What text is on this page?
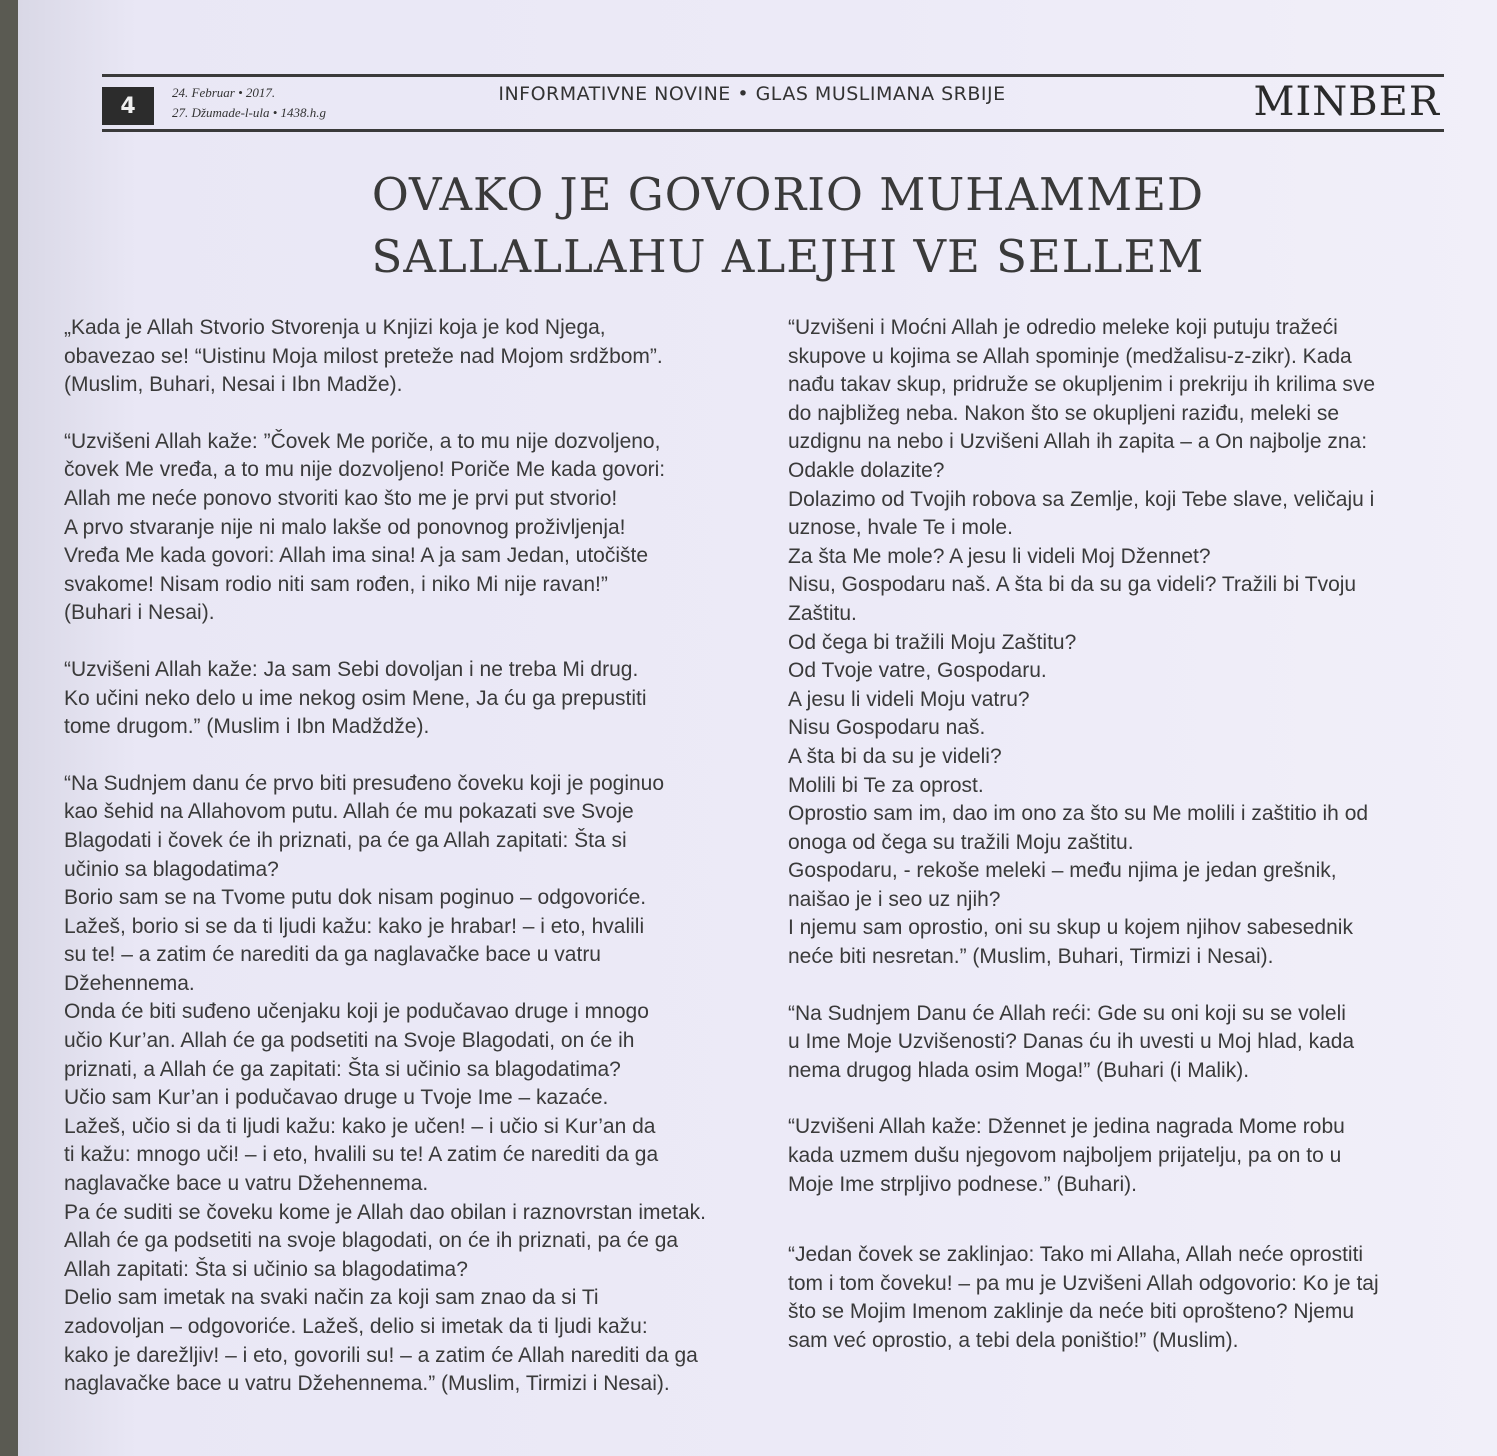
4
24. Februar • 2017.
27. Džumade-l-ula • 1438.h.g
INFORMATIVNE NOVINE • GLAS MUSLIMANA SRBIJE	MINBER
OVAKO JE GOVORIO MUHAMMED
SALLALLAHU ALEJHI VE SELLEM

„Kada je Allah Stvorio Stvorenja u Knjizi koja je kod Njega,
obavezao se! “Uistinu Moja milost preteže nad Mojom srdžbom”.
(Muslim, Buhari, Nesai i Ibn Madže).

“Uzvišeni Allah kaže: ”Čovek Me poriče, a to mu nije dozvoljeno,
čovek Me vređa, a to mu nije dozvoljeno! Poriče Me kada govori:
Allah me neće ponovo stvoriti kao što me je prvi put stvorio!
A prvo stvaranje nije ni malo lakše od ponovnog proživljenja!
Vređa Me kada govori: Allah ima sina! A ja sam Jedan, utočište
svakome! Nisam rodio niti sam rođen, i niko Mi nije ravan!”
(Buhari i Nesai).

“Uzvišeni Allah kaže: Ja sam Sebi dovoljan i ne treba Mi drug.
Ko učini neko delo u ime nekog osim Mene, Ja ću ga prepustiti
tome drugom.” (Muslim i Ibn Madždže).

“Na Sudnjem danu će prvo biti presuđeno čoveku koji je poginuo
kao šehid na Allahovom putu. Allah će mu pokazati sve Svoje
Blagodati i čovek će ih priznati, pa će ga Allah zapitati: Šta si
učinio sa blagodatima?
Borio sam se na Tvome putu dok nisam poginuo – odgovoriće.
Lažeš, borio si se da ti ljudi kažu: kako je hrabar! – i eto, hvalili
su te! – a zatim će narediti da ga naglavačke bace u vatru
Džehennema.
Onda će biti suđeno učenjaku koji je podučavao druge i mnogo
učio Kur’an. Allah će ga podsetiti na Svoje Blagodati, on će ih
priznati, a Allah će ga zapitati: Šta si učinio sa blagodatima?
Učio sam Kur’an i podučavao druge u Tvoje Ime – kazaće.
Lažeš, učio si da ti ljudi kažu: kako je učen! – i učio si Kur’an da
ti kažu: mnogo uči! – i eto, hvalili su te! A zatim će narediti da ga
naglavačke bace u vatru Džehennema.
Pa će suditi se čoveku kome je Allah dao obilan i raznovrstan imetak.
Allah će ga podsetiti na svoje blagodati, on će ih priznati, pa će ga
Allah zapitati: Šta si učinio sa blagodatima?
Delio sam imetak na svaki način za koji sam znao da si Ti
zadovoljan – odgovoriće. Lažeš, delio si imetak da ti ljudi kažu:
kako je darežljiv! – i eto, govorili su! – a zatim će Allah narediti da ga
naglavačke bace u vatru Džehennema.” (Muslim, Tirmizi i Nesai).

“Uzvišeni i Moćni Allah je odredio meleke koji putuju tražeći
skupove u kojima se Allah spominje (medžalisu-z-zikr). Kada
nađu takav skup, pridruže se okupljenim i prekriju ih krilima sve
do najbližeg neba. Nakon što se okupljeni raziđu, meleki se
uzdignu na nebo i Uzvišeni Allah ih zapita – a On najbolje zna:
Odakle dolazite?
Dolazimo od Tvojih robova sa Zemlje, koji Tebe slave, veličaju i
uznose, hvale Te i mole.
Za šta Me mole? A jesu li videli Moj Džennet?
Nisu, Gospodaru naš. A šta bi da su ga videli? Tražili bi Tvoju
Zaštitu.
Od čega bi tražili Moju Zaštitu?
Od Tvoje vatre, Gospodaru.
A jesu li videli Moju vatru?
Nisu Gospodaru naš.
A šta bi da su je videli?
Molili bi Te za oprost.
Oprostio sam im, dao im ono za što su Me molili i zaštitio ih od
onoga od čega su tražili Moju zaštitu.
Gospodaru, - rekoše meleki – među njima je jedan grešnik,
naišao je i seo uz njih?
I njemu sam oprostio, oni su skup u kojem njihov sabesednik
neće biti nesretan.” (Muslim, Buhari, Tirmizi i Nesai).

“Na Sudnjem Danu će Allah reći: Gde su oni koji su se voleli
u Ime Moje Uzvišenosti? Danas ću ih uvesti u Moj hlad, kada
nema drugog hlada osim Moga!” (Buhari (i Malik).

“Uzvišeni Allah kaže: Džennet je jedina nagrada Mome robu
kada uzmem dušu njegovom najboljem prijatelju, pa on to u
Moje Ime strpljivo podnese.” (Buhari).

“Jedan čovek se zaklinjao: Tako mi Allaha, Allah neće oprostiti
tom i tom čoveku! – pa mu je Uzvišeni Allah odgovorio: Ko je taj
što se Mojim Imenom zaklinje da neće biti oprošteno? Njemu
sam već oprostio, a tebi dela poništio!” (Muslim).
